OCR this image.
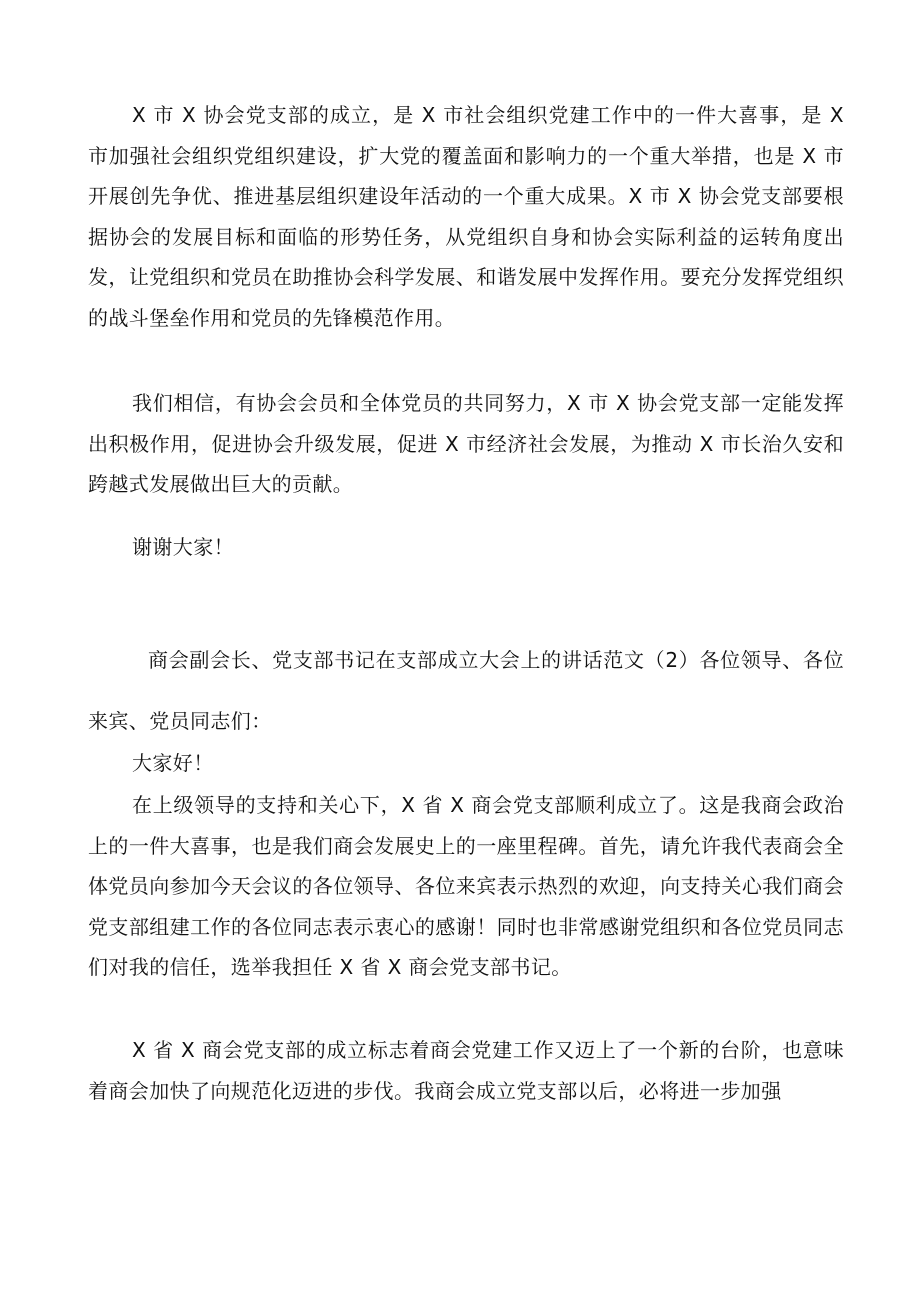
X 市 X 协会党支部的成立，是 X 市社会组织党建工作中的一件大喜事，是 X 市加强社会组织党组织建设，扩大党的覆盖面和影响力的一个重大举措，也是 X 市开展创先争优、推进基层组织建设年活动的一个重大成果。X 市 X 协会党支部要根据协会的发展目标和面临的形势任务，从党组织自身和协会实际利益的运转角度出发，让党组织和党员在助推协会科学发展、和谐发展中发挥作用。要充分发挥党组织的战斗堡垒作用和党员的先锋模范作用。

我们相信，有协会会员和全体党员的共同努力，X 市 X 协会党支部一定能发挥出积极作用，促进协会升级发展，促进 X 市经济社会发展，为推动 X 市长治久安和跨越式发展做出巨大的贡献。

谢谢大家！

商会副会长、党支部书记在支部成立大会上的讲话范文（2）各位领导、各位来宾、党员同志们：

大家好！

在上级领导的支持和关心下，X 省 X 商会党支部顺利成立了。这是我商会政治上的一件大喜事，也是我们商会发展史上的一座里程碑。首先，请允许我代表商会全体党员向参加今天会议的各位领导、各位来宾表示热烈的欢迎，向支持关心我们商会党支部组建工作的各位同志表示衷心的感谢！同时也非常感谢党组织和各位党员同志们对我的信任，选举我担任 X 省 X 商会党支部书记。

X 省 X 商会党支部的成立标志着商会党建工作又迈上了一个新的台阶，也意味着商会加快了向规范化迈进的步伐。我商会成立党支部以后，必将进一步加强
